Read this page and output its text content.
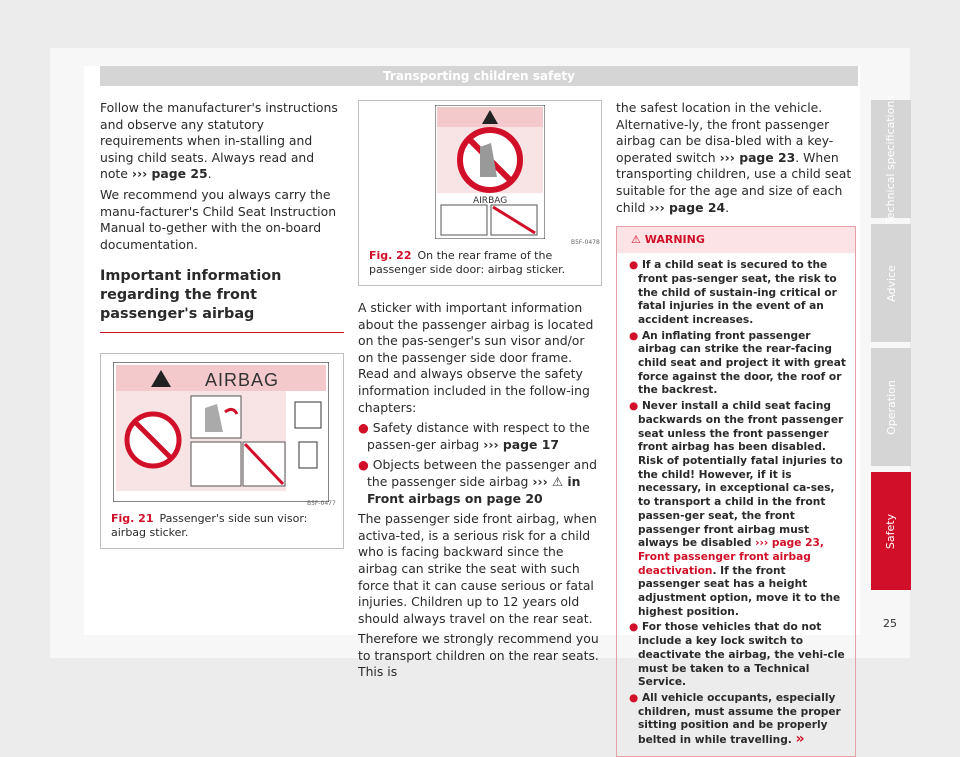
Transporting children safety

Follow the manufacturer's instructions and observe any statutory requirements when in-stalling and using child seats. Always read and note ››› page 25.

We recommend you always carry the manu-facturer's Child Seat Instruction Manual to-gether with the on-board documentation.

Important information regarding the front passenger's airbag
AIRBAG
B5F-0477
Fig. 21 Passenger's side sun visor: airbag sticker.
AIRBAG
B5F-0478
Fig. 22 On the rear frame of the passenger side door: airbag sticker.

A sticker with important information about the passenger airbag is located on the pas-senger's sun visor and/or on the passenger side door frame. Read and always observe the safety information included in the follow-ing chapters:

● Safety distance with respect to the passen-ger airbag ››› page 17

● Objects between the passenger and the passenger side airbag ››› ⚠ in Front airbags on page 20

The passenger side front airbag, when activa-ted, is a serious risk for a child who is facing backward since the airbag can strike the seat with such force that it can cause serious or fatal injuries. Children up to 12 years old should always travel on the rear seat.

Therefore we strongly recommend you to transport children on the rear seats. This is

the safest location in the vehicle. Alternative-ly, the front passenger airbag can be disa-bled with a key-operated switch ››› page 23. When transporting children, use a child seat suitable for the age and size of each child ››› page 24.

⚠ WARNING
● If a child seat is secured to the front pas-senger seat, the risk to the child of sustain-ing critical or fatal injuries in the event of an accident increases.
● An inflating front passenger airbag can strike the rear-facing child seat and project it with great force against the door, the roof or the backrest.
● Never install a child seat facing backwards on the front passenger seat unless the front passenger front airbag has been disabled. Risk of potentially fatal injuries to the child! However, if it is necessary, in exceptional ca-ses, to transport a child in the front passen-ger seat, the front passenger front airbag must always be disabled ››› page 23, Front passenger front airbag deactivation. If the front passenger seat has a height adjustment option, move it to the highest position.
● For those vehicles that do not include a key lock switch to deactivate the airbag, the vehi-cle must be taken to a Technical Service.
● All vehicle occupants, especially children, must assume the proper sitting position and be properly belted in while travelling. »
Technical specifications
Advice
Operation
Safety
25
